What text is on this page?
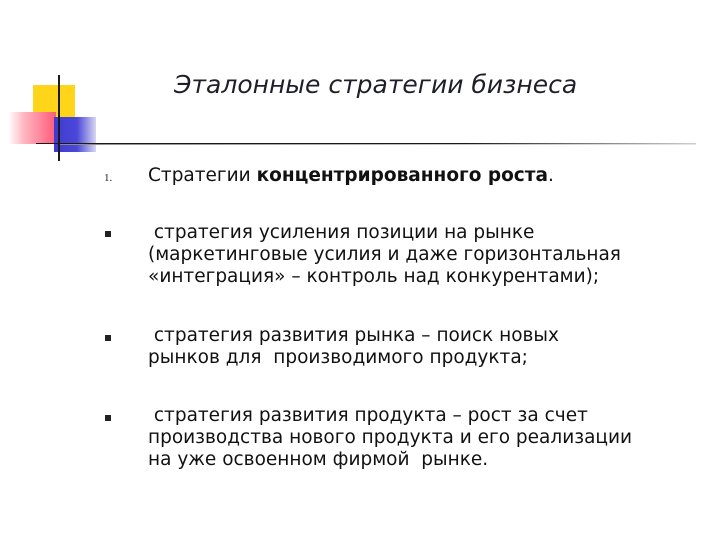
Эталонные стратегии бизнеса
1. Стратегии концентрированного роста.
стратегия усиления позиции на рынке
(маркетинговые усилия и даже горизонтальная
«интеграция» – контроль над конкурентами);
стратегия развития рынка – поиск новых
рынков для  производимого продукта;
стратегия развития продукта – рост за счет
производства нового продукта и его реализации
на уже освоенном фирмой  рынке.
